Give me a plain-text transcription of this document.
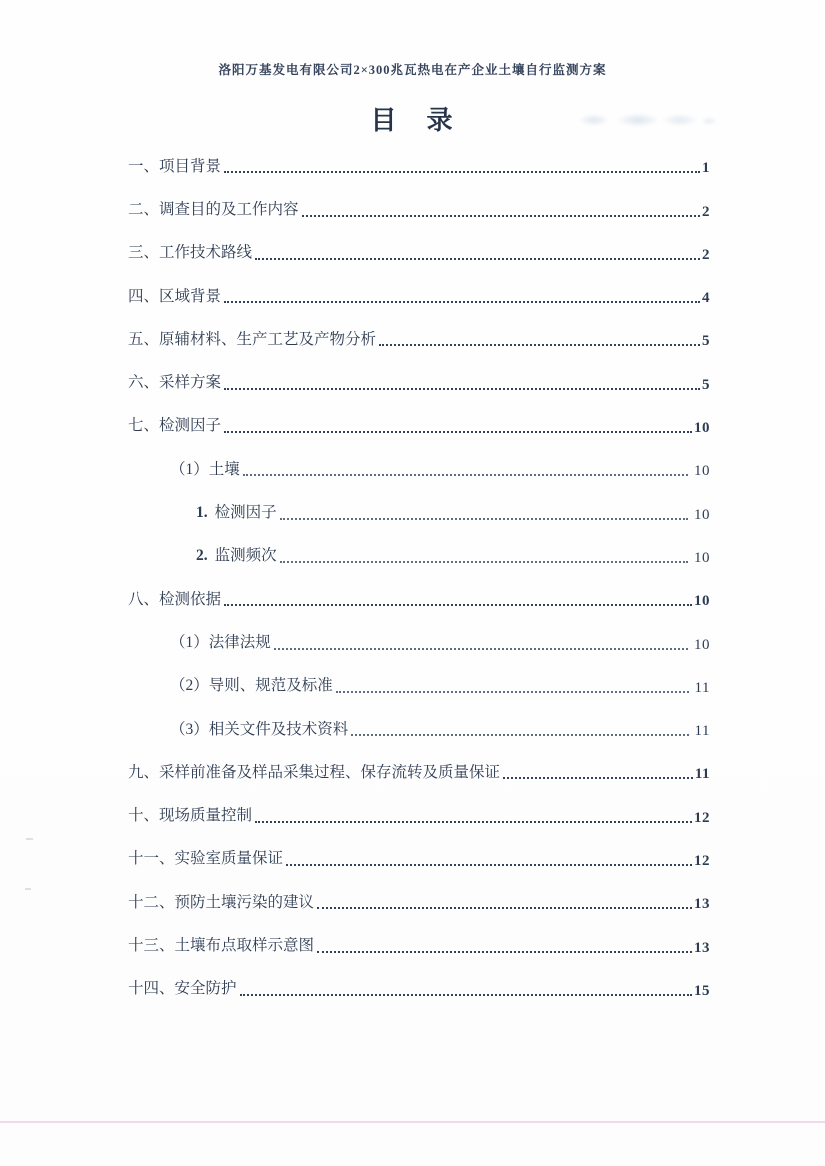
洛阳万基发电有限公司2×300兆瓦热电在产企业土壤自行监测方案
目　录
一、项目背景	1
二、调查目的及工作内容	2
三、工作技术路线	2
四、区域背景	4
五、原辅材料、生产工艺及产物分析	5
六、采样方案	5
七、检测因子	10
（1）土壤	10
1. 检测因子	10
2. 监测频次	10
八、检测依据	10
（1）法律法规	10
（2）导则、规范及标准	11
（3）相关文件及技术资料	11
九、采样前准备及样品采集过程、保存流转及质量保证	11
十、现场质量控制	12
十一、实验室质量保证	12
十二、预防土壤污染的建议	13
十三、土壤布点取样示意图	13
十四、安全防护	15
